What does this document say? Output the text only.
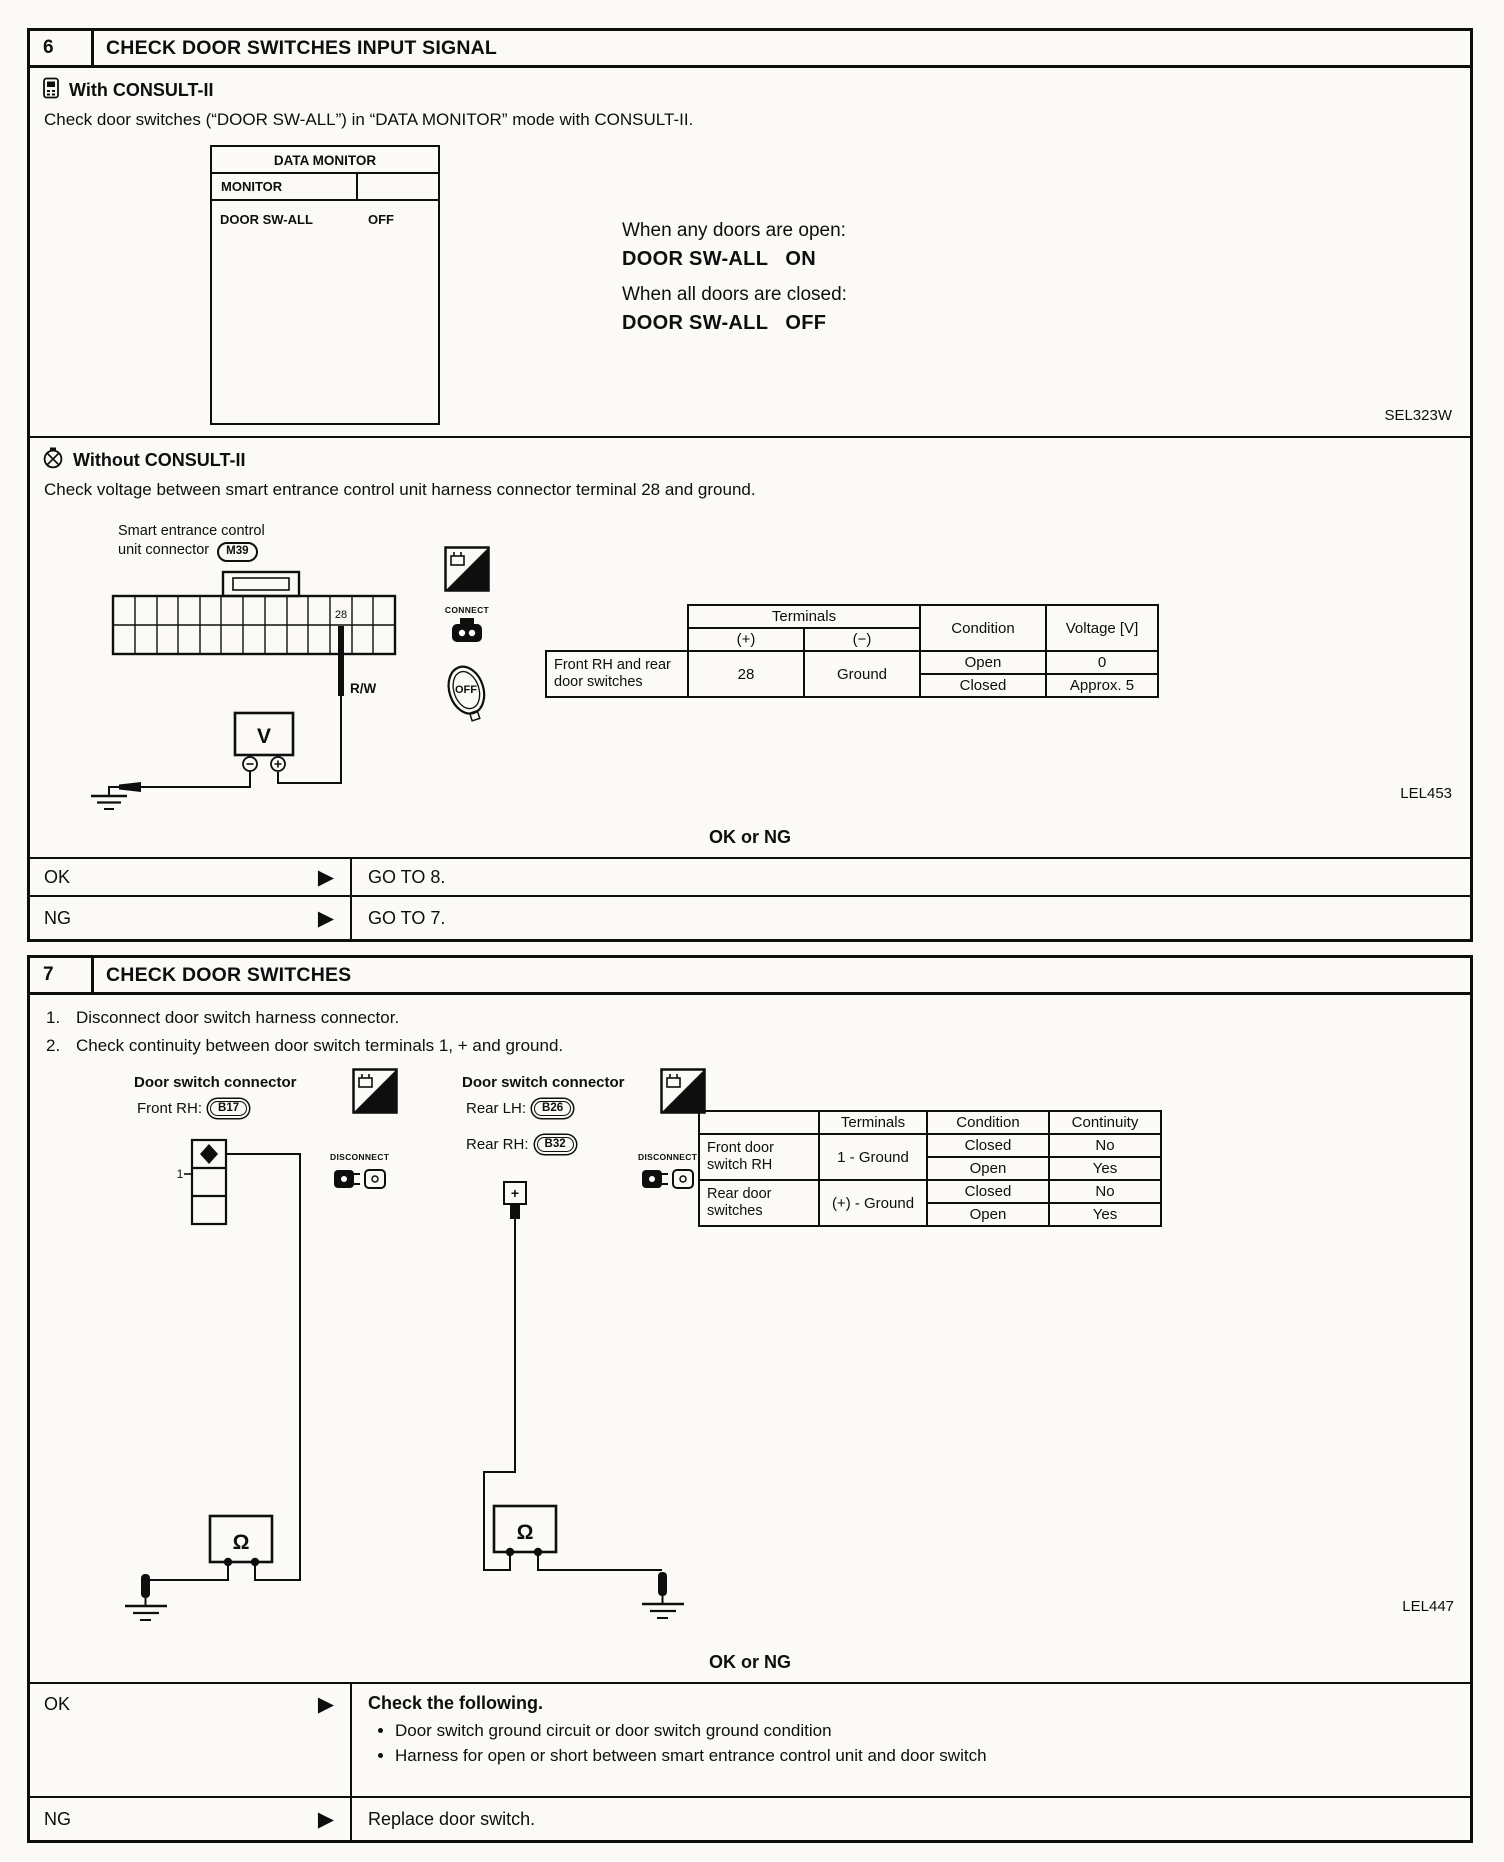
6	CHECK DOOR SWITCHES INPUT SIGNAL
With CONSULT-II

Check door switches (“DOOR SW-ALL”) in “DATA MONITOR” mode with CONSULT-II.

DATA MONITOR
MONITOR
DOOR SW-ALL	OFF

When any doors are open:

DOOR SW-ALL   ON

When all doors are closed:

DOOR SW-ALL   OFF

SEL323W
Without CONSULT-II

Check voltage between smart entrance control unit harness connector terminal 28 and ground.

Smart entrance control
unit connector M39
28
R/W
V
H.S.
CONNECT
OFF
	Terminals		Condition	Voltage [V]
	(+)	(−)		
Front RH and rear
door switches	28	Ground	Open	0
			Closed	Approx. 5
LEL453
OK or NG
OK	▶	GO TO 8.
NG	▶	GO TO 7.
7	CHECK DOOR SWITCHES
1. Disconnect door switch harness connector.
2. Check continuity between door switch terminals 1, + and ground.
Door switch connector
Front RH:	B17	T.S.
DISCONNECT
1
Ω
Door switch connector
Rear LH:	B26
Rear RH:	B32
T.S.
DISCONNECT
+
Ω
	Terminals	Condition	Continuity
Front door
switch RH	1 - Ground	Closed	No
		Open	Yes
Rear door
switches	(+) - Ground	Closed	No
		Open	Yes
LEL447
OK or NG
OK	▶ Check the following.

• Door switch ground circuit or door switch ground condition
• Harness for open or short between smart entrance control unit and door switch
NG	▶	Replace door switch.
